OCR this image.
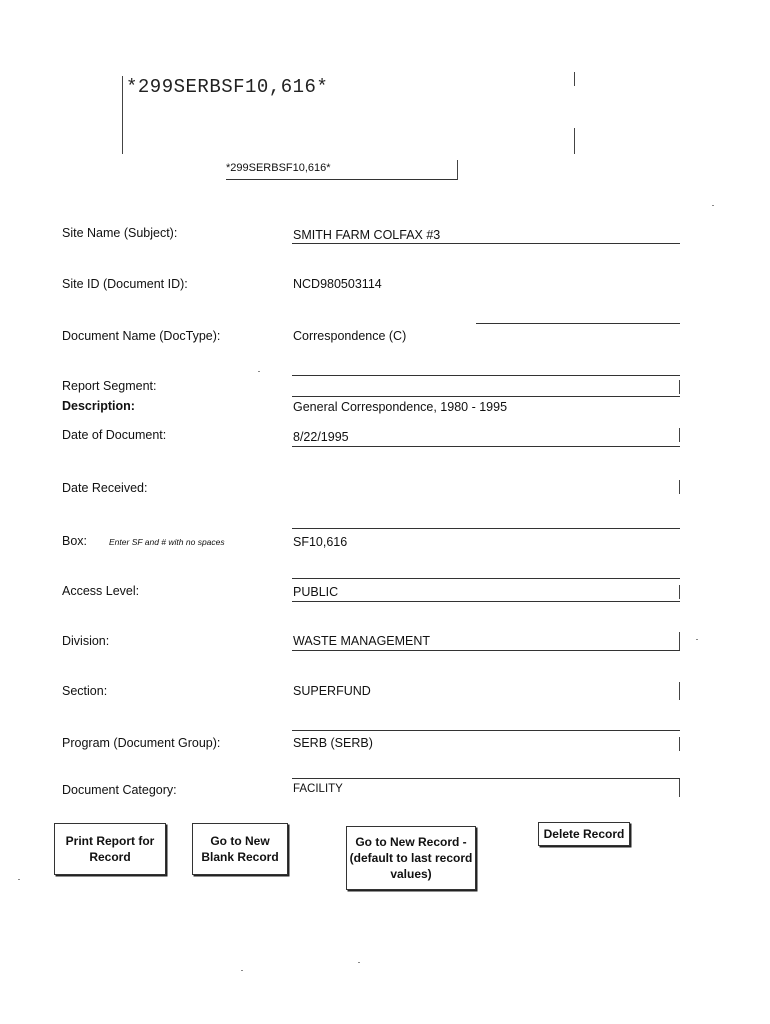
*299SERBSF10,616*
*299SERBSF10,616*
Site Name (Subject):	SMITH FARM COLFAX #3
Site ID (Document ID):	NCD980503114
Document Name (DocType):	Correspondence (C)
Report Segment:
Description:	General Correspondence, 1980 - 1995
Date of Document:	8/22/1995
Date Received:
Box:	Enter SF and # with no spaces	SF10,616
Access Level:	PUBLIC
Division:	WASTE MANAGEMENT
Section:	SUPERFUND
Program (Document Group):	SERB (SERB)
Document Category:	FACILITY
Print Report for Record
Go to New Blank Record
Go to New Record - (default to last record values)
Delete Record
